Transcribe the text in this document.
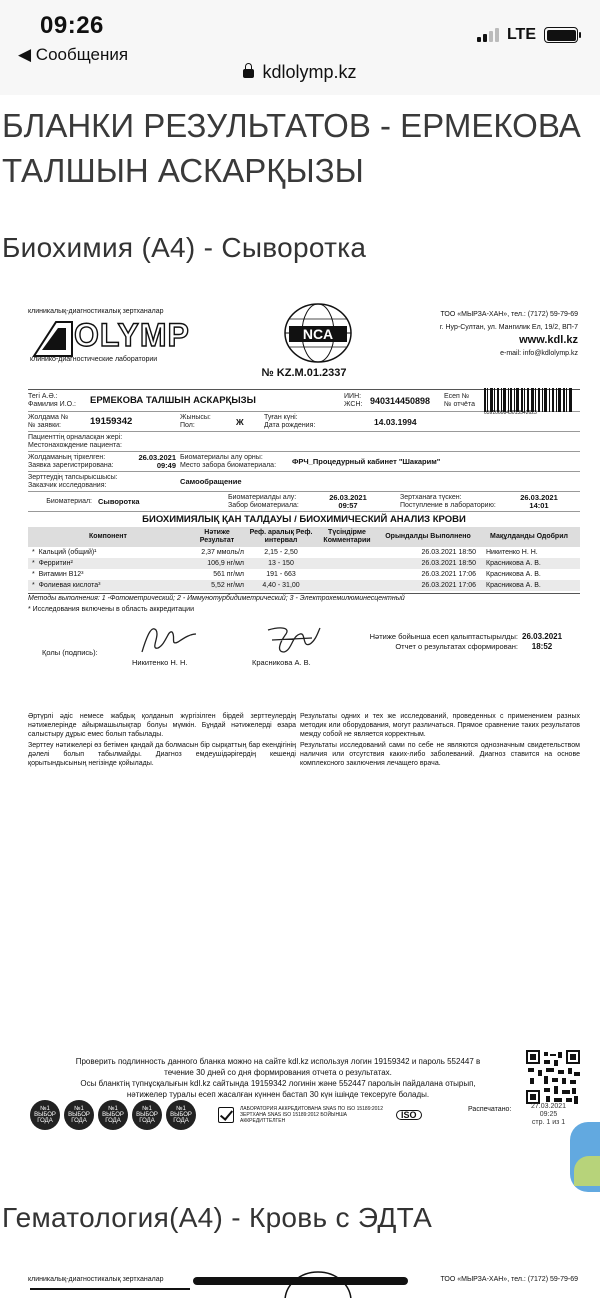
09:26
◀ Сообщения
LTE
kdlolymp.kz
БЛАНКИ РЕЗУЛЬТАТОВ - ЕРМЕКОВА ТАЛШЫН АСКАРҚЫЗЫ
Биохимия (А4) - Сыворотка
клиникалық-диагностикалық зертханалар
OLYMP
клинико-диагностические лаборатории
NCA
ТОО «МЫРЗА-ХАН», тел.: (7172) 59-79-69
г. Нур-Султан, ул. Мангилик Ел, 19/2, ВП-7
www.kdl.kz
e-mail: info@kdlolymp.kz
№ KZ.M.01.2337
Тегі А.Ә.:
Фамилия И.О.:	ЕРМЕКОВА ТАЛШЫН АСКАРҚЫЗЫ	ИИН:
ЖСН: 940314450898	Есеп №
№ отчёта
0591060843013542623
Жолдама №
№ заявки:	19159342	Жынысы:
Пол:	Ж	Туған күні:
Дата рождения:	14.03.1994
Пациенттің орналасқан жері:
Местонахождение пациента:
Жолдаманың тіркелген:
Заявка зарегистрирована:
26.03.2021
09:49
Биоматериалы алу орны:
Место забора биоматериала:	ФРЧ_Процедурный кабинет "Шакарим"
Зерттеудің тапсырысшысы:
Заказчик исследования:	Самообращение
Биоматериал: Сыворотка	Биоматериалды алу:
Забор биоматериала:
26.03.2021
09:57
Зертханаға түскен:
Поступление в лабораторию:
26.03.2021
14:01
БИОХИМИЯЛЫҚ ҚАН ТАЛДАУЫ / БИОХИМИЧЕСКИЙ АНАЛИЗ КРОВИ
Компонент	Нәтиже Результат	Реф. аралық Реф. интервал	Түсіндірме Комментарии	Орындалды Выполнено	Мақұлданды Одобрил
*  Кальций (общий)¹	2,37 ммоль/л	2,15 - 2,50		26.03.2021 18:50	Никитенко Н. Н.
*  Ферритин²	106,9 нг/мл	13 - 150		26.03.2021 18:50	Красникова А. В.
*  Витамин В12³	561 пг/мл	191 - 663		26.03.2021 17:06	Красникова А. В.
*  Фолиевая кислота³	5,52 нг/мл	4,40 - 31,00		26.03.2021 17:06	Красникова А. В.
Методы выполнения: 1 -Фотометрический; 2 - Иммунотурбидиметрический; 3 - Электрохемилюминесцентный
* Исследования включены в область аккредитации
Қолы (подпись):
Никитенко Н. Н.	Красникова А. В.
Нәтиже бойынша есеп қалыптастырылды:
Отчет о результатах сформирован:
26.03.2021
18:52

Әртүрлі әдіс немесе жабдық қолданып жүргізілген бірдей зерттеулердің нәтижелерінде айырмашылықтар болуы мүмкін. Бұндай нәтижелерді өзара салыстыру дұрыс емес болып табылады.

Зерттеу нәтижелері өз бетімен қандай да болмасын бір сырқаттың бар екендігінің дәлелі болып табылмайды. Диагноз емдеушідәрігердің кешенді қорытындысының негізінде қойылады.

Результаты одних и тех же исследований, проведенных с применением разных методик или оборудования, могут различаться. Прямое сравнение таких результатов между собой не является корректным.

Результаты исследований сами по себе не являются однозначным свидетельством наличия или отсутствия каких-либо заболеваний. Диагноз ставится на основе комплексного заключения лечащего врача.

Проверить подлинность данного бланка можно на сайте kdl.kz используя логин 19159342 и пароль 552447 в
течение 30 дней со дня формирования отчета о результатах.
Осы бланктің түпнұсқалығын kdl.kz сайтында 19159342 логинін және 552447 парольін пайдалана отырып,
нәтижелер туралы есеп жасалған күннен бастап 30 күн ішінде тексеруге болады.
№1 ВЫБОР ГОДА
№1 ВЫБОР ГОДА
№1 ВЫБОР ГОДА
№1 ВЫБОР ГОДА
№1 ВЫБОР ГОДА
ЛАБОРАТОРИЯ АККРЕДИТОВАНА SNAS ПО ISO 15189:2012
ЗЕРТХАНА SNAS ISO 15189:2012 БОЙЫНША АККРЕДИТТЕЛГЕН
ISO
Распечатано:	27.03.2021
09:25
стр. 1 из 1
Гематология(А4) - Кровь с ЭДТА
клиникалық-диагностикалық зертханалар	ТОО «МЫРЗА-ХАН», тел.: (7172) 59-79-69
